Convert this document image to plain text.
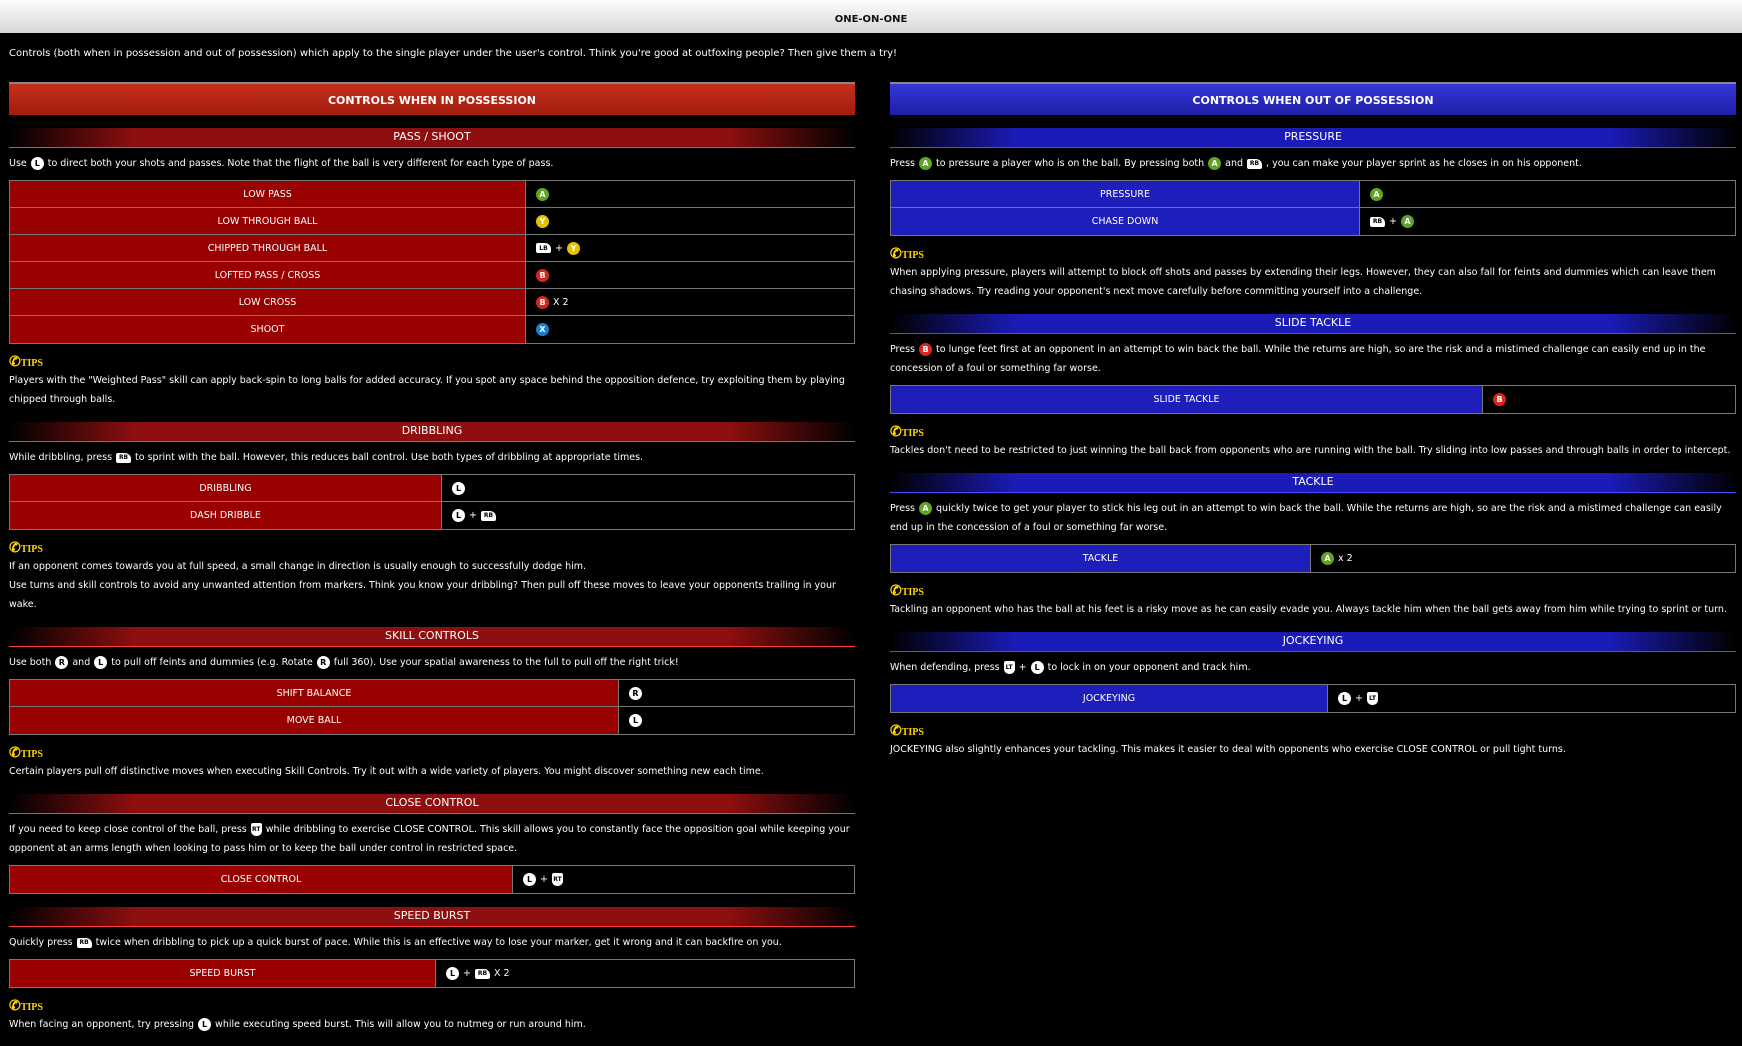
ONE-ON-ONE
Controls (both when in possession and out of possession) which apply to the single player under the user's control. Think you're good at outfoxing people? Then give them a try!
CONTROLS WHEN IN POSSESSION
PASS / SHOOT
Use L to direct both your shots and passes. Note that the flight of the ball is very different for each type of pass.
LOW PASS	A
LOW THROUGH BALL	Y
CHIPPED THROUGH BALL	LB + Y
LOFTED PASS / CROSS	B
LOW CROSS	B X 2
SHOOT	X
✆TIPS
Players with the "Weighted Pass" skill can apply back-spin to long balls for added accuracy. If you spot any space behind the opposition defence, try exploiting them by playing chipped through balls.
DRIBBLING
While dribbling, press RB to sprint with the ball. However, this reduces ball control. Use both types of dribbling at appropriate times.
DRIBBLING	L
DASH DRIBBLE	L +	RB
✆TIPS
If an opponent comes towards you at full speed, a small change in direction is usually enough to successfully dodge him.
Use turns and skill controls to avoid any unwanted attention from markers. Think you know your dribbling? Then pull off these moves to leave your opponents trailing in your wake.
SKILL CONTROLS
Use both R and L to pull off feints and dummies (e.g. Rotate R full 360). Use your spatial awareness to the full to pull off the right trick!
SHIFT BALANCE	R
MOVE BALL	L
✆TIPS
Certain players pull off distinctive moves when executing Skill Controls. Try it out with a wide variety of players. You might discover something new each time.
CLOSE CONTROL
If you need to keep close control of the ball, press RT while dribbling to exercise CLOSE CONTROL. This skill allows you to constantly face the opposition goal while keeping your opponent at an arms length when looking to pass him or to keep the ball under control in restricted space.
CLOSE CONTROL	L + RT
SPEED BURST
Quickly press RB twice when dribbling to pick up a quick burst of pace. While this is an effective way to lose your marker, get it wrong and it can backfire on you.
SPEED BURST	L +	RB X 2
✆TIPS
When facing an opponent, try pressing L while executing speed burst. This will allow you to nutmeg or run around him.
CONTROLS WHEN OUT OF POSSESSION
PRESSURE
Press A to pressure a player who is on the ball. By pressing both A and RB , you can make your player sprint as he closes in on his opponent.
PRESSURE	A
CHASE DOWN	RB + A
✆TIPS
When applying pressure, players will attempt to block off shots and passes by extending their legs. However, they can also fall for feints and dummies which can leave them chasing shadows. Try reading your opponent's next move carefully before committing yourself into a challenge.
SLIDE TACKLE
Press B to lunge feet first at an opponent in an attempt to win back the ball. While the returns are high, so are the risk and a mistimed challenge can easily end up in the concession of a foul or something far worse.
SLIDE TACKLE	B
✆TIPS
Tackles don't need to be restricted to just winning the ball back from opponents who are running with the ball. Try sliding into low passes and through balls in order to intercept.
TACKLE
Press A quickly twice to get your player to stick his leg out in an attempt to win back the ball. While the returns are high, so are the risk and a mistimed challenge can easily end up in the concession of a foul or something far worse.
TACKLE	A x 2
✆TIPS
Tackling an opponent who has the ball at his feet is a risky move as he can easily evade you. Always tackle him when the ball gets away from him while trying to sprint or turn.
JOCKEYING
When defending, press LT + L to lock in on your opponent and track him.
JOCKEYING	L +	LT
✆TIPS
JOCKEYING also slightly enhances your tackling. This makes it easier to deal with opponents who exercise CLOSE CONTROL or pull tight turns.
